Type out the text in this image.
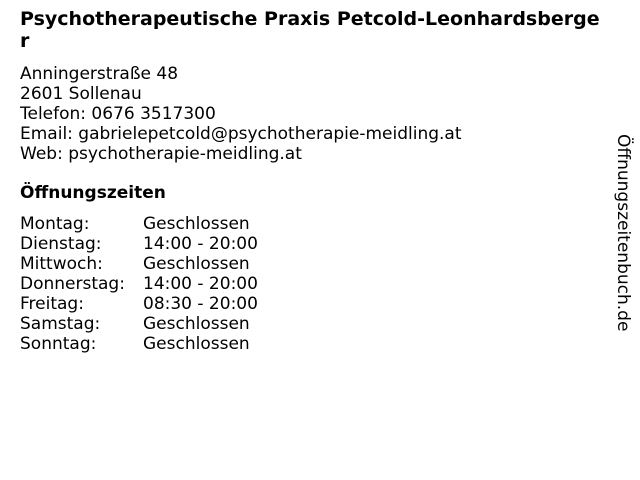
Psychotherapeutische Praxis Petcold-Leonhardsberger
Anningerstraße 48
2601 Sollenau
Telefon: 0676 3517300
Email: gabrielepetcold@psychotherapie-meidling.at
Web: psychotherapie-meidling.at
Öffnungszeiten
Montag:	Geschlossen
Dienstag:	14:00 - 20:00
Mittwoch:	Geschlossen
Donnerstag:	14:00 - 20:00
Freitag:	08:30 - 20:00
Samstag:	Geschlossen
Sonntag:	Geschlossen
Öffnungszeitenbuch.de
